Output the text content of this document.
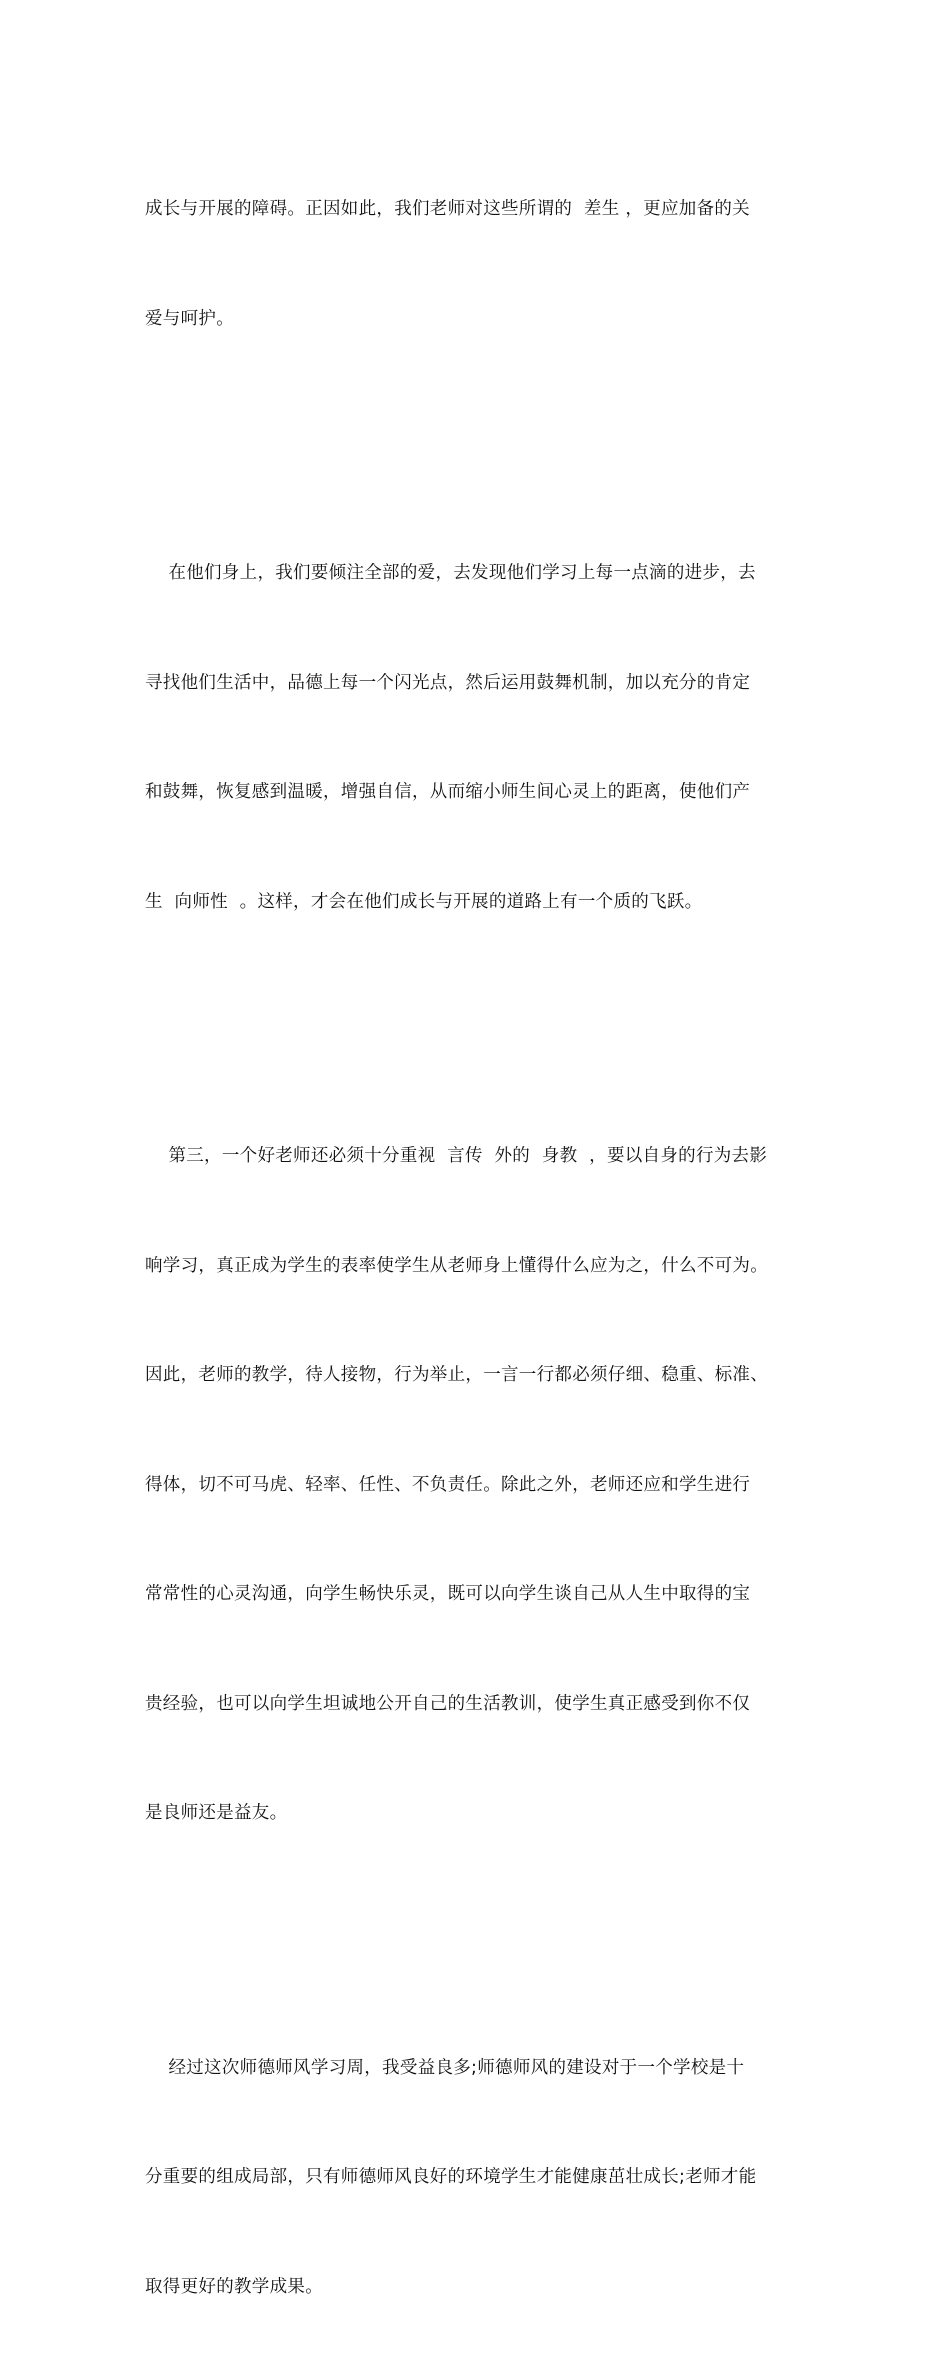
成长与开展的障碍。正因如此，我们老师对这些所谓的  差生 ，更应加备的关

爱与呵护。

在他们身上，我们要倾注全部的爱，去发现他们学习上每一点滴的进步，去

寻找他们生活中，品德上每一个闪光点，然后运用鼓舞机制，加以充分的肯定

和鼓舞，恢复感到温暖，增强自信，从而缩小师生间心灵上的距离，使他们产

生  向师性  。这样，才会在他们成长与开展的道路上有一个质的飞跃。

第三，一个好老师还必须十分重视  言传  外的  身教  ，要以自身的行为去影

响学习，真正成为学生的表率使学生从老师身上懂得什么应为之，什么不可为。

因此，老师的教学，待人接物，行为举止，一言一行都必须仔细、稳重、标准、

得体，切不可马虎、轻率、任性、不负责任。除此之外，老师还应和学生进行

常常性的心灵沟通，向学生畅快乐灵，既可以向学生谈自己从人生中取得的宝

贵经验，也可以向学生坦诚地公开自己的生活教训，使学生真正感受到你不仅

是良师还是益友。

经过这次师德师风学习周，我受益良多;师德师风的建设对于一个学校是十

分重要的组成局部，只有师德师风良好的环境学生才能健康茁壮成长;老师才能

取得更好的教学成果。
